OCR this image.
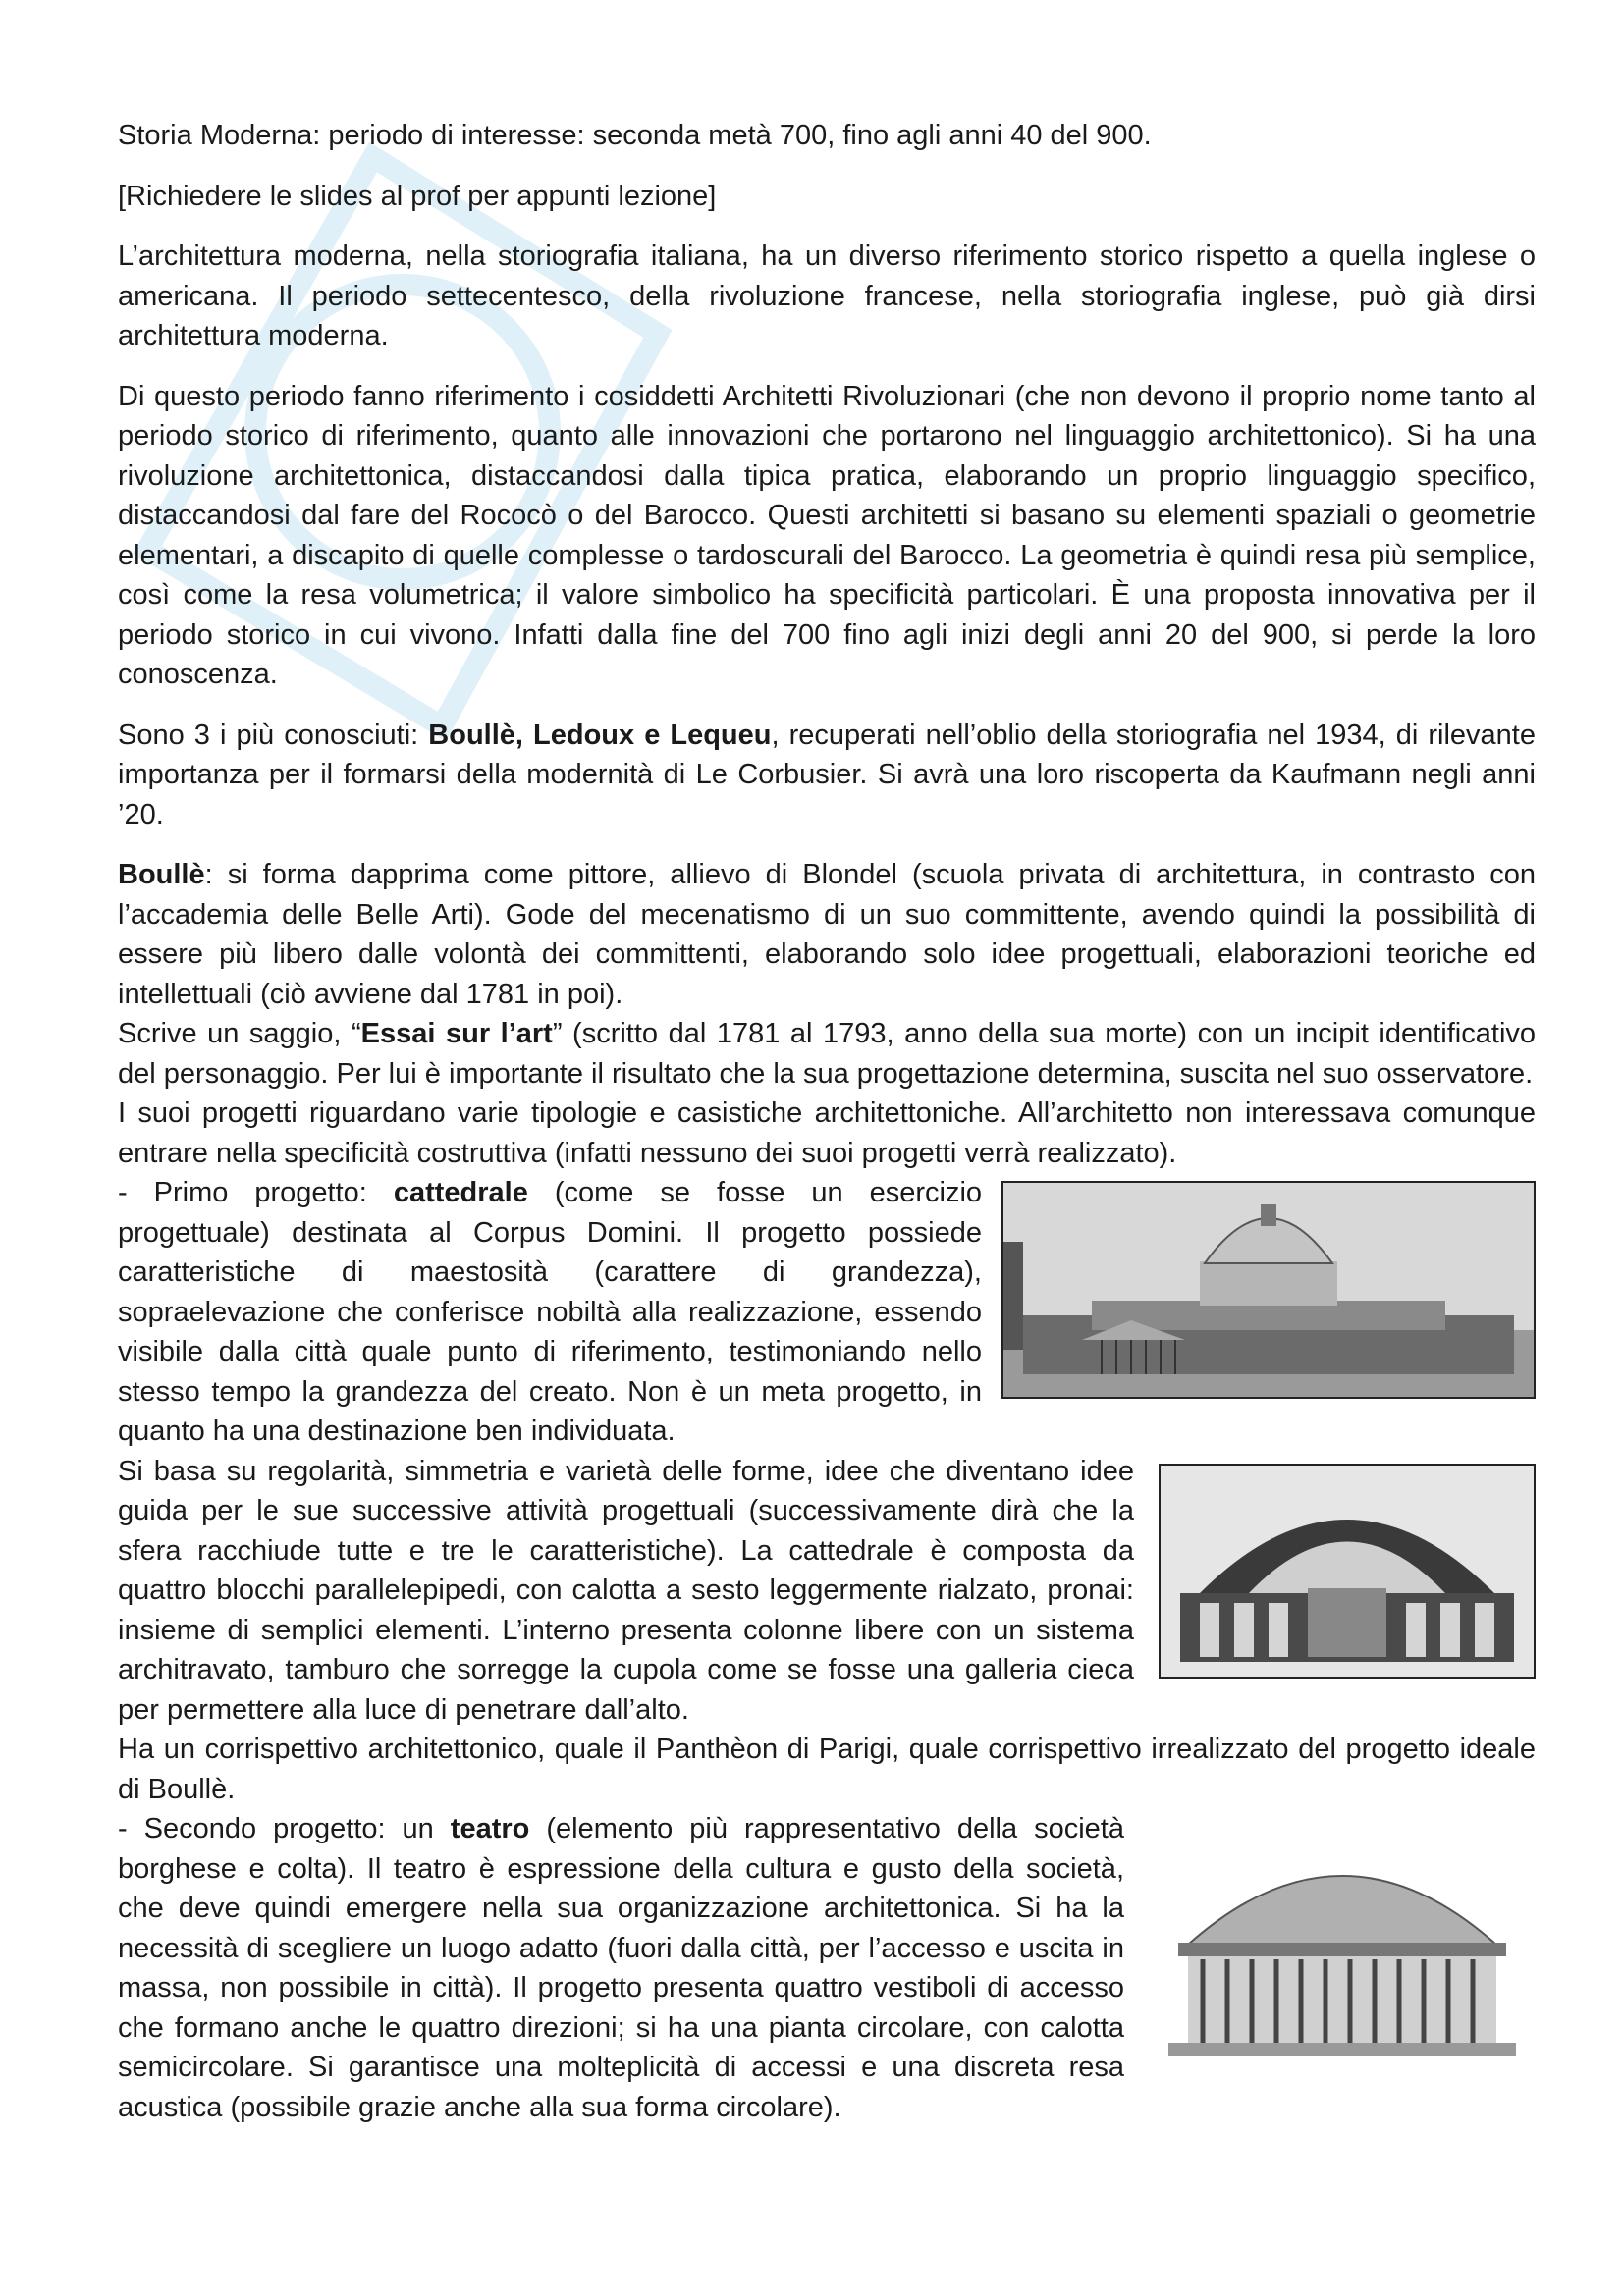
Storia Moderna: periodo di interesse: seconda metà 700, fino agli anni 40 del 900.

[Richiedere le slides al prof per appunti lezione]

L’architettura moderna, nella storiografia italiana, ha un diverso riferimento storico rispetto a quella inglese o americana. Il periodo settecentesco, della rivoluzione francese, nella storiografia inglese, può già dirsi architettura moderna.

Di questo periodo fanno riferimento i cosiddetti Architetti Rivoluzionari (che non devono il proprio nome tanto al periodo storico di riferimento, quanto alle innovazioni che portarono nel linguaggio architettonico). Si ha una rivoluzione architettonica, distaccandosi dalla tipica pratica, elaborando un proprio linguaggio specifico, distaccandosi dal fare del Rococò o del Barocco. Questi architetti si basano su elementi spaziali o geometrie elementari, a discapito di quelle complesse o tardoscurali del Barocco. La geometria è quindi resa più semplice, così come la resa volumetrica; il valore simbolico ha specificità particolari. È una proposta innovativa per il periodo storico in cui vivono. Infatti dalla fine del 700 fino agli inizi degli anni 20 del 900, si perde la loro conoscenza.

Sono 3 i più conosciuti: Boullè, Ledoux e Lequeu, recuperati nell’oblio della storiografia nel 1934, di rilevante importanza per il formarsi della modernità di Le Corbusier. Si avrà una loro riscoperta da Kaufmann negli anni ’20.

Boullè: si forma dapprima come pittore, allievo di Blondel (scuola privata di architettura, in contrasto con l’accademia delle Belle Arti). Gode del mecenatismo di un suo committente, avendo quindi la possibilità di essere più libero dalle volontà dei committenti, elaborando solo idee progettuali, elaborazioni teoriche ed intellettuali (ciò avviene dal 1781 in poi).

Scrive un saggio, “Essai sur l’art” (scritto dal 1781 al 1793, anno della sua morte) con un incipit identificativo del personaggio. Per lui è importante il risultato che la sua progettazione determina, suscita nel suo osservatore.

I suoi progetti riguardano varie tipologie e casistiche architettoniche. All’architetto non interessava comunque entrare nella specificità costruttiva (infatti nessuno dei suoi progetti verrà realizzato).

- Primo progetto: cattedrale (come se fosse un esercizio progettuale) destinata al Corpus Domini. Il progetto possiede caratteristiche di maestosità (carattere di grandezza), sopraelevazione che conferisce nobiltà alla realizzazione, essendo visibile dalla città quale punto di riferimento, testimoniando nello stesso tempo la grandezza del creato. Non è un meta progetto, in quanto ha una destinazione ben individuata.

Si basa su regolarità, simmetria e varietà delle forme, idee che diventano idee guida per le sue successive attività progettuali (successivamente dirà che la sfera racchiude tutte e tre le caratteristiche). La cattedrale è composta da quattro blocchi parallelepipedi, con calotta a sesto leggermente rialzato, pronai: insieme di semplici elementi. L’interno presenta colonne libere con un sistema architravato, tamburo che sorregge la cupola come se fosse una galleria cieca per permettere alla luce di penetrare dall’alto.

Ha un corrispettivo architettonico, quale il Panthèon di Parigi, quale corrispettivo irrealizzato del progetto ideale di Boullè.

- Secondo progetto: un teatro (elemento più rappresentativo della società borghese e colta). Il teatro è espressione della cultura e gusto della società, che deve quindi emergere nella sua organizzazione architettonica. Si ha la necessità di scegliere un luogo adatto (fuori dalla città, per l’accesso e uscita in massa, non possibile in città). Il progetto presenta quattro vestiboli di accesso che formano anche le quattro direzioni; si ha una pianta circolare, con calotta semicircolare. Si garantisce una molteplicità di accessi e una discreta resa acustica (possibile grazie anche alla sua forma circolare).
